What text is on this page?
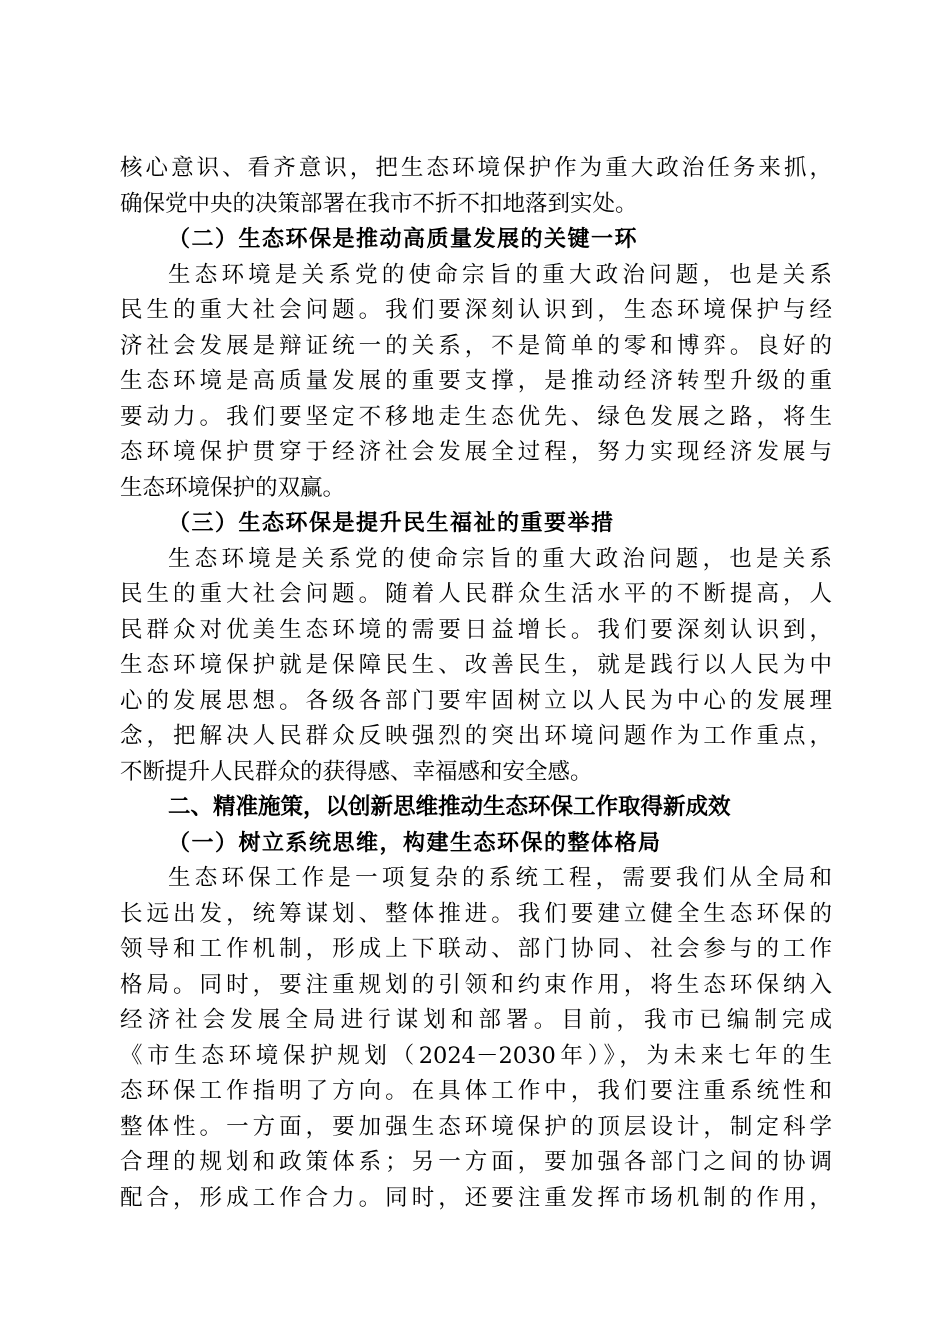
核心意识、看齐意识，把生态环境保护作为重大政治任务来抓，
确保党中央的决策部署在我市不折不扣地落到实处。
（二）生态环保是推动高质量发展的关键一环
生态环境是关系党的使命宗旨的重大政治问题，也是关系
民生的重大社会问题。我们要深刻认识到，生态环境保护与经
济社会发展是辩证统一的关系，不是简单的零和博弈。良好的
生态环境是高质量发展的重要支撑，是推动经济转型升级的重
要动力。我们要坚定不移地走生态优先、绿色发展之路，将生
态环境保护贯穿于经济社会发展全过程，努力实现经济发展与
生态环境保护的双赢。
（三）生态环保是提升民生福祉的重要举措
生态环境是关系党的使命宗旨的重大政治问题，也是关系
民生的重大社会问题。随着人民群众生活水平的不断提高，人
民群众对优美生态环境的需要日益增长。我们要深刻认识到，
生态环境保护就是保障民生、改善民生，就是践行以人民为中
心的发展思想。各级各部门要牢固树立以人民为中心的发展理
念，把解决人民群众反映强烈的突出环境问题作为工作重点，
不断提升人民群众的获得感、幸福感和安全感。
二、精准施策，以创新思维推动生态环保工作取得新成效
（一）树立系统思维，构建生态环保的整体格局
生态环保工作是一项复杂的系统工程，需要我们从全局和
长远出发，统筹谋划、整体推进。我们要建立健全生态环保的
领导和工作机制，形成上下联动、部门协同、社会参与的工作
格局。同时，要注重规划的引领和约束作用，将生态环保纳入
经济社会发展全局进行谋划和部署。目前，我市已编制完成
《市生态环境保护规划（2024－2030年）》，为未来七年的生
态环保工作指明了方向。在具体工作中，我们要注重系统性和
整体性。一方面，要加强生态环境保护的顶层设计，制定科学
合理的规划和政策体系；另一方面，要加强各部门之间的协调
配合，形成工作合力。同时，还要注重发挥市场机制的作用，
